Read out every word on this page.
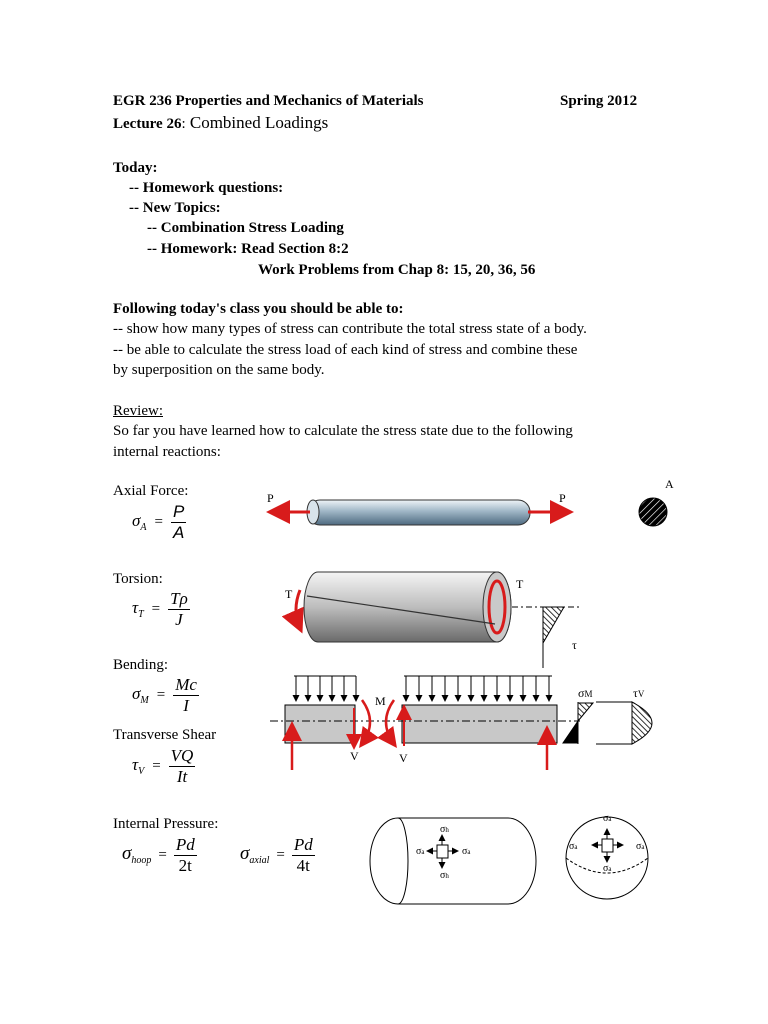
EGR 236 Properties and Mechanics of Materials	Spring 2012
Lecture 26: Combined Loadings
Today:
-- Homework questions:
-- New Topics:
-- Combination Stress Loading
-- Homework: Read Section 8:2
Work Problems from Chap 8: 15, 20, 36, 56
Following today's class you should be able to:
-- show how many types of stress can contribute the total stress state of a body.
-- be able to calculate the stress load of each kind of stress and combine these
by superposition on the same body.
Review:
So far you have learned how to calculate the stress state due to the following
internal reactions:
Axial Force:
$\sigma_A = \frac{P}{A}$
Torsion:
$\tau_T = \frac{T\rho}{J}$
Bending:
$\sigma_M = \frac{Mc}{I}$
Transverse Shear
$\tau_V = \frac{VQ}{It}$
Internal Pressure:
$\sigma_{hoop} = \frac{Pd}{2t} \sigma_{axial} = \frac{Pd}{4t}$
P	P
A
T
T
τ
M
V	V
σM	τV
σh
σh
σa	σa
σa
σa
σa	σa
